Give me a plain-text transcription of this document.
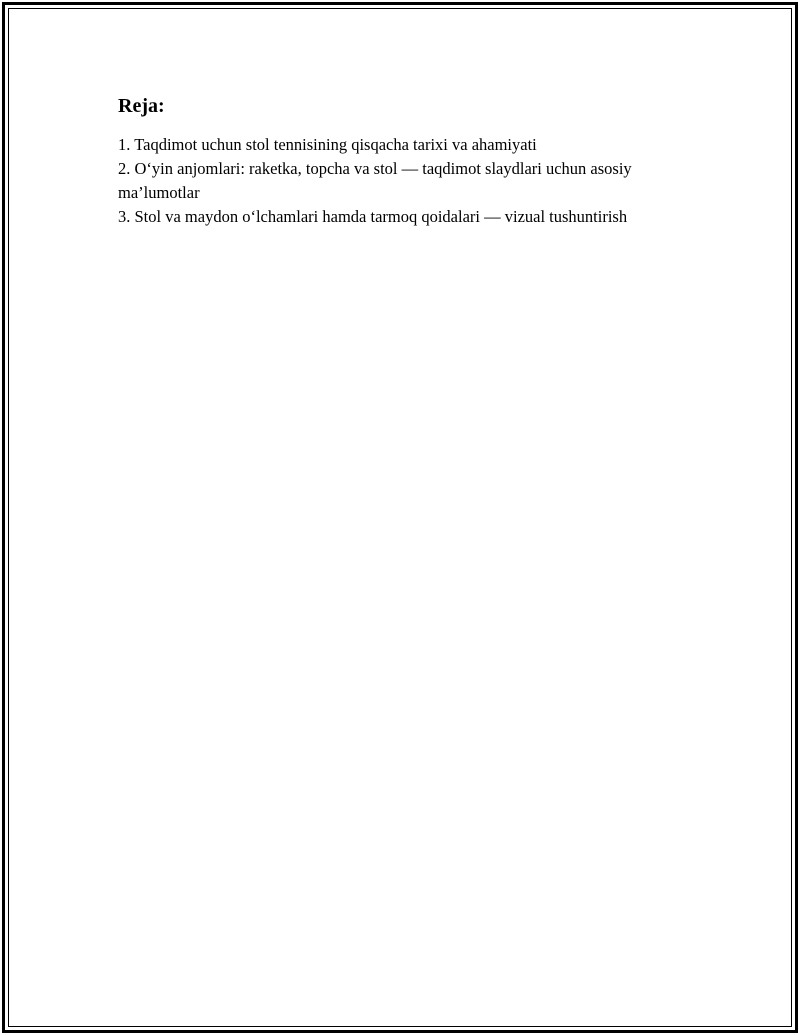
Reja:
1. Taqdimot uchun stol tennisining qisqacha tarixi va ahamiyati
2. O‘yin anjomlari: raketka, topcha va stol — taqdimot slaydlari uchun asosiy ma’lumotlar
3. Stol va maydon o‘lchamlari hamda tarmoq qoidalari — vizual tushuntirish
